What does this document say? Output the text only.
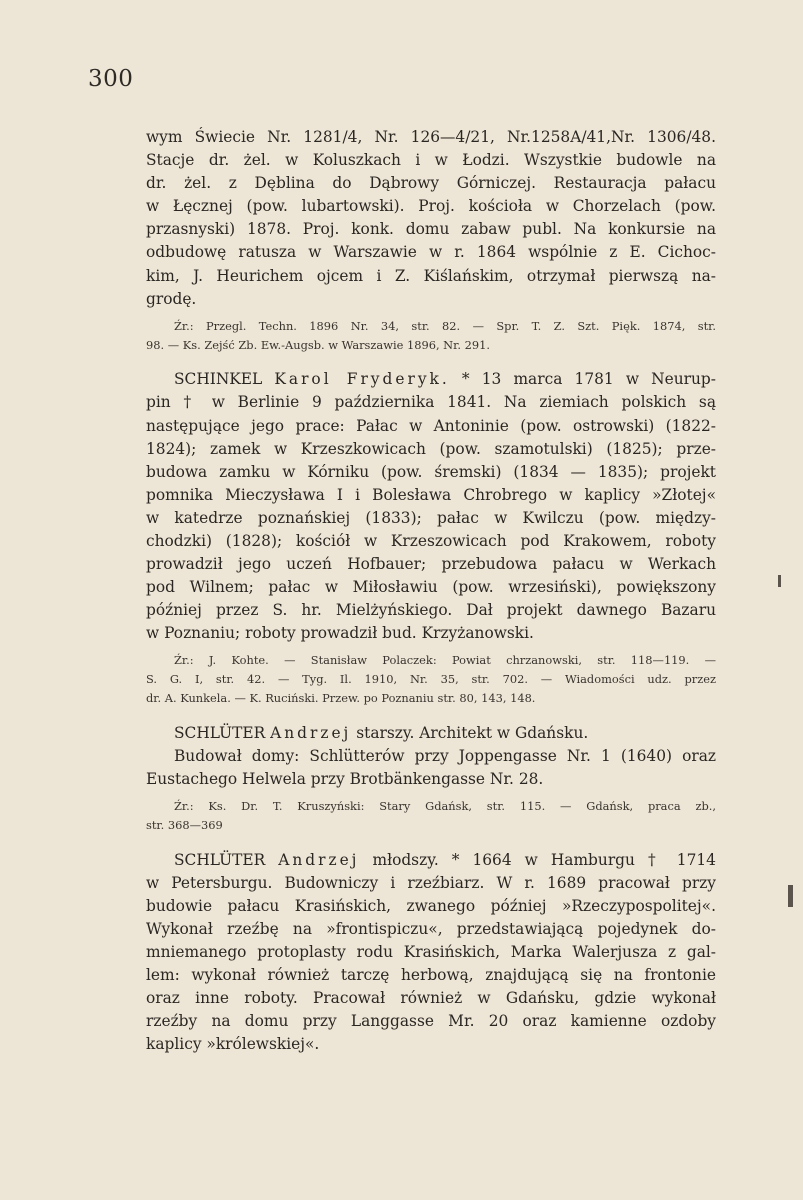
300
wym Świecie Nr. 1281/4, Nr. 126—4/21, Nr.1258A/41,Nr. 1306/48.
Stacje dr. żel. w Koluszkach i w Łodzi. Wszystkie budowle na
dr. żel. z Dęblina do Dąbrowy Górniczej. Restauracja pałacu
w Łęcznej (pow. lubartowski). Proj. kościoła w Chorzelach (pow.
przasnyski) 1878. Proj. konk. domu zabaw publ. Na konkursie na
odbudowę ratusza w Warszawie w r. 1864 wspólnie z E. Cichoc-
kim, J. Heurichem ojcem i Z. Kiślańskim, otrzymał pierwszą na-
grodę.
Źr.: Przegl. Techn. 1896 Nr. 34, str. 82. — Spr. T. Z. Szt. Pięk. 1874, str.
98. — Ks. Zejść Zb. Ew.-Augsb. w Warszawie 1896, Nr. 291.
SCHINKEL Karol Fryderyk. * 13 marca 1781 w Neurup-
pin † w Berlinie 9 października 1841. Na ziemiach polskich są
następujące jego prace: Pałac w Antoninie (pow. ostrowski) (1822-
1824); zamek w Krzeszkowicach (pow. szamotulski) (1825); prze-
budowa zamku w Kórniku (pow. śremski) (1834 — 1835); projekt
pomnika Mieczysława I i Bolesława Chrobrego w kaplicy »Złotej«
w katedrze poznańskiej (1833); pałac w Kwilczu (pow. między-
chodzki) (1828); kościół w Krzeszowicach pod Krakowem, roboty
prowadził jego uczeń Hofbauer; przebudowa pałacu w Werkach
pod Wilnem; pałac w Miłosławiu (pow. wrzesiński), powiększony
później przez S. hr. Mielżyńskiego. Dał projekt dawnego Bazaru
w Poznaniu; roboty prowadził bud. Krzyżanowski.
Źr.: J. Kohte. — Stanisław Polaczek: Powiat chrzanowski, str. 118—119. —
S. G. I, str. 42. — Tyg. Il. 1910, Nr. 35, str. 702. — Wiadomości udz. przez
dr. A. Kunkela. — K. Ruciński. Przew. po Poznaniu str. 80, 143, 148.
SCHLÜTER Andrzej starszy. Architekt w Gdańsku.
Budował domy: Schlütterów przy Joppengasse Nr. 1 (1640) oraz
Eustachego Helwela przy Brotbänkengasse Nr. 28.
Źr.: Ks. Dr. T. Kruszyński: Stary Gdańsk, str. 115. — Gdańsk, praca zb.,
str. 368—369
SCHLÜTER Andrzej młodszy. * 1664 w Hamburgu † 1714
w Petersburgu. Budowniczy i rzeźbiarz. W r. 1689 pracował przy
budowie pałacu Krasińskich, zwanego później »Rzeczypospolitej«.
Wykonał rzeźbę na »frontispiczu«, przedstawiającą pojedynek do-
mniemanego protoplasty rodu Krasińskich, Marka Walerjusza z gal-
lem: wykonał również tarczę herbową, znajdującą się na frontonie
oraz inne roboty. Pracował również w Gdańsku, gdzie wykonał
rzeźby na domu przy Langgasse Mr. 20 oraz kamienne ozdoby
kaplicy »królewskiej«.
